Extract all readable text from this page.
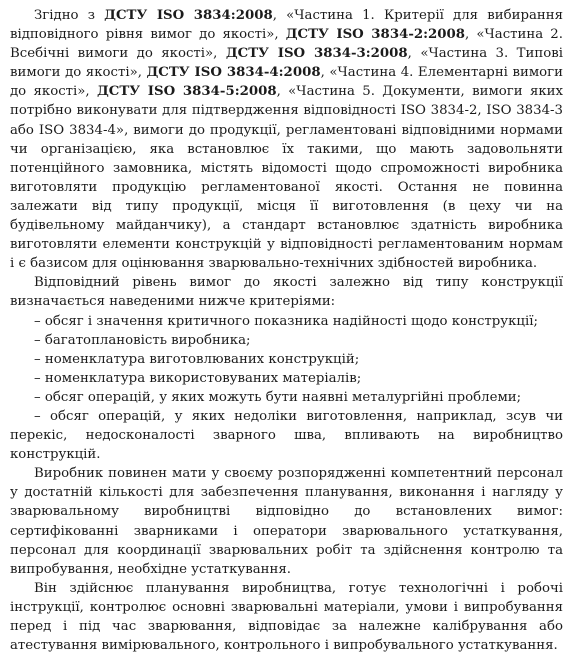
Згідно з ДСТУ ISO 3834:2008, «Частина 1. Критерії для вибирання відповідного рівня вимог до якості», ДСТУ ISO 3834-2:2008, «Частина 2. Всебічні вимоги до якості», ДСТУ ISO 3834-3:2008, «Частина 3. Типові вимоги до якості», ДСТУ ISO 3834-4:2008, «Частина 4. Елементарні вимоги до якості», ДСТУ ISO 3834-5:2008, «Частина 5. Документи, вимоги яких потрібно виконувати для підтвердження відповідності ISO 3834-2, ISO 3834-3 або ISO 3834-4», вимоги до продукції, регламентовані відповідними нормами чи організацією, яка встановлює їх такими, що мають задовольняти потенційного замовника, містять відомості щодо спроможності виробника виготовляти продукцію регламентованої якості. Остання не повинна залежати від типу продукції, місця її виготовлення (в цеху чи на будівельному майданчику), а стандарт встановлює здатність виробника виготовляти елементи конструкцій у відповідності регламентованим нормам і є базисом для оцінювання зварювально-технічних здібностей виробника.

Відповідний рівень вимог до якості залежно від типу конструкції визначається наведеними нижче критеріями:

– обсяг і значення критичного показника надійності щодо конструкції;
– багатоплановість виробника;
– номенклатура виготовлюваних конструкцій;
– номенклатура використовуваних матеріалів;
– обсяг операцій, у яких можуть бути наявні металургійні проблеми;
– обсяг операцій, у яких недоліки виготовлення, наприклад, зсув чи перекіс, недосконалості зварного шва, впливають на виробництво конструкцій.

Виробник повинен мати у своєму розпорядженні компетентний персонал у достатній кількості для забезпечення планування, виконання і нагляду у зварювальному виробництві відповідно до встановлених вимог: сертифікованні зварниками і оператори зварювального устаткування, персонал для координації зварювальних робіт та здійснення контролю та випробування, необхідне устаткування.

Він здійснює планування виробництва, готує технологічні і робочі інструкції, контролює основні зварювальні матеріали, умови і випробування перед і під час зварювання, відповідає за належне калібрування або атестування вимірювального, контрольного і випробувального устаткування.
